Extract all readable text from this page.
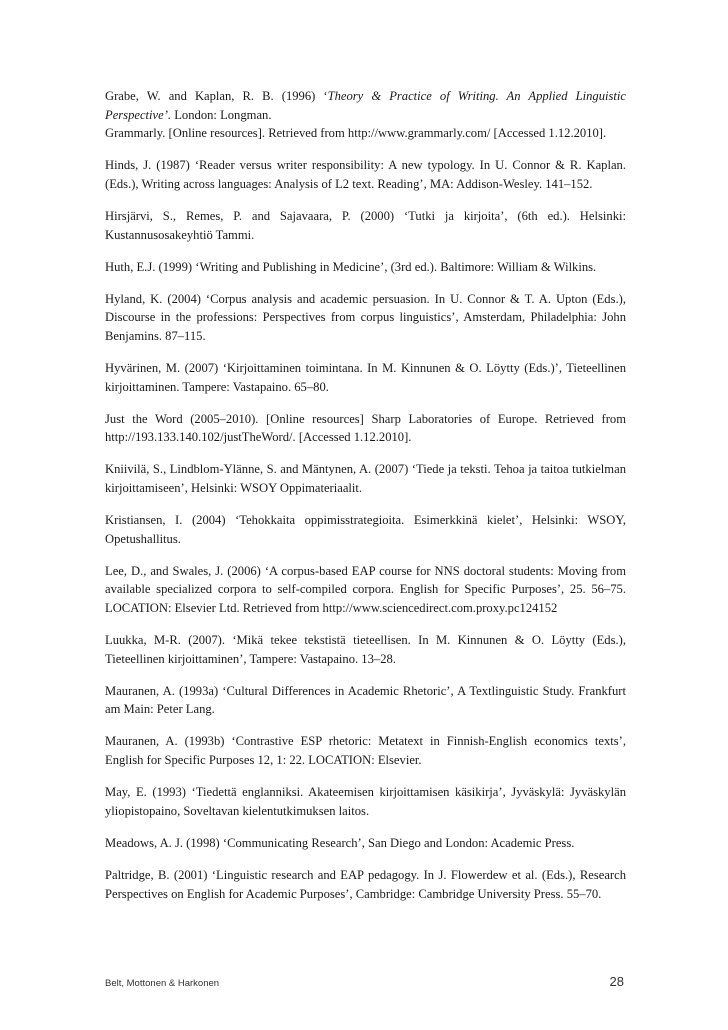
Grabe, W. and Kaplan, R. B. (1996) ‘Theory & Practice of Writing. An Applied Linguistic Perspective’. London: Longman.

Grammarly. [Online resources]. Retrieved from http://www.grammarly.com/ [Accessed 1.12.2010].

Hinds, J. (1987) ‘Reader versus writer responsibility: A new typology. In U. Connor & R. Kaplan. (Eds.), Writing across languages: Analysis of L2 text. Reading’, MA: Addison-Wesley. 141–152.

Hirsjärvi, S., Remes, P. and Sajavaara, P. (2000) ‘Tutki ja kirjoita’, (6th ed.). Helsinki: Kustannusosakeyhtiö Tammi.

Huth, E.J. (1999) ‘Writing and Publishing in Medicine’, (3rd ed.). Baltimore: William & Wilkins.

Hyland, K. (2004) ‘Corpus analysis and academic persuasion. In U. Connor & T. A. Upton (Eds.), Discourse in the professions: Perspectives from corpus linguistics’, Amsterdam, Philadelphia: John Benjamins. 87–115.

Hyvärinen, M. (2007) ‘Kirjoittaminen toimintana. In M. Kinnunen & O. Löytty (Eds.)’, Tieteellinen kirjoittaminen. Tampere: Vastapaino. 65–80.

Just the Word (2005–2010). [Online resources] Sharp Laboratories of Europe. Retrieved from http://193.133.140.102/justTheWord/. [Accessed 1.12.2010].

Kniivilä, S., Lindblom-Ylänne, S. and Mäntynen, A. (2007) ‘Tiede ja teksti. Tehoa ja taitoa tutkielman kirjoittamiseen’, Helsinki: WSOY Oppimateriaalit.

Kristiansen, I. (2004) ‘Tehokkaita oppimisstrategioita. Esimerkkinä kielet’, Helsinki: WSOY, Opetushallitus.

Lee, D., and Swales, J. (2006) ‘A corpus-based EAP course for NNS doctoral students: Moving from available specialized corpora to self-compiled corpora. English for Specific Purposes’, 25. 56–75. LOCATION: Elsevier Ltd. Retrieved from http://www.sciencedirect.com.proxy.pc124152

Luukka, M-R. (2007). ‘Mikä tekee tekstistä tieteellisen. In M. Kinnunen & O. Löytty (Eds.), Tieteellinen kirjoittaminen’, Tampere: Vastapaino. 13–28.

Mauranen, A. (1993a) ‘Cultural Differences in Academic Rhetoric’, A Textlinguistic Study. Frankfurt am Main: Peter Lang.

Mauranen, A. (1993b) ‘Contrastive ESP rhetoric: Metatext in Finnish-English economics texts’, English for Specific Purposes 12, 1: 22. LOCATION: Elsevier.

May, E. (1993) ‘Tiedettä englanniksi. Akateemisen kirjoittamisen käsikirja’, Jyväskylä: Jyväskylän yliopistopaino, Soveltavan kielentutkimuksen laitos.

Meadows, A. J. (1998) ‘Communicating Research’, San Diego and London: Academic Press.

Paltridge, B. (2001) ‘Linguistic research and EAP pedagogy. In J. Flowerdew et al. (Eds.), Research Perspectives on English for Academic Purposes’, Cambridge: Cambridge University Press. 55–70.

Belt, Mottonen & Harkonen	28
